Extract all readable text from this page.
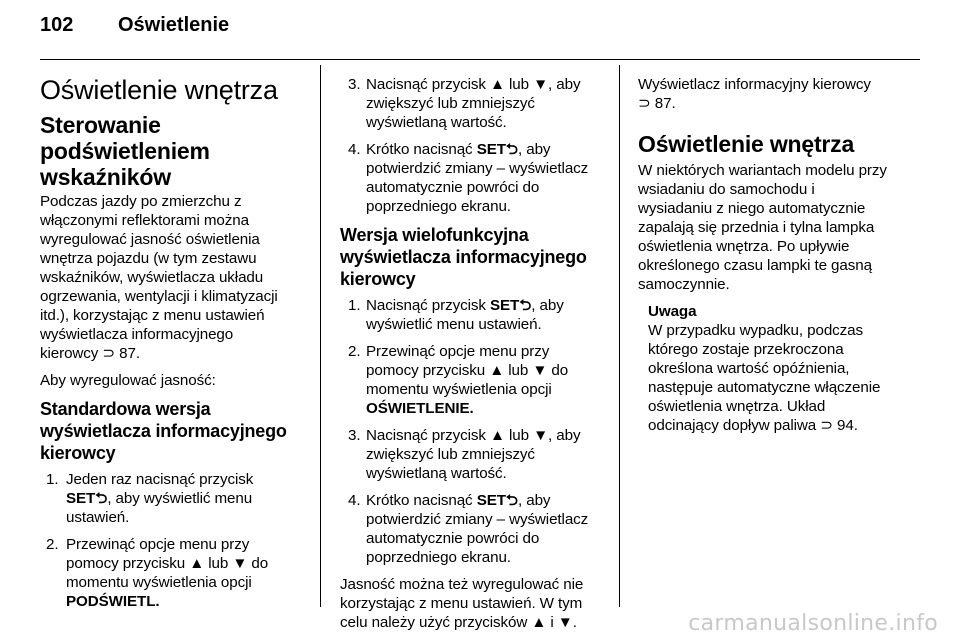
102 Oświetlenie
Oświetlenie wnętrza
Sterowanie
podświetleniem
wskaźników
Podczas jazdy po zmierzchu z
włączonymi reflektorami można
wyregulować jasność oświetlenia
wnętrza pojazdu (w tym zestawu
wskaźników, wyświetlacza układu
ogrzewania, wentylacji i klimatyzacji
itd.), korzystając z menu ustawień
wyświetlacza informacyjnego
kierowcy ⊃ 87.
Aby wyregulować jasność:
Standardowa wersja
wyświetlacza informacyjnego
kierowcy
1. Jeden raz nacisnąć przycisk
SET⮌, aby wyświetlić menu
ustawień.
2. Przewinąć opcje menu przy
pomocy przycisku ▲ lub ▼ do
momentu wyświetlenia opcji
PODŚWIETL.
3. Nacisnąć przycisk ▲ lub ▼, aby
zwiększyć lub zmniejszyć
wyświetlaną wartość.
4. Krótko nacisnąć SET⮌, aby
potwierdzić zmiany – wyświetlacz
automatycznie powróci do
poprzedniego ekranu.
Wersja wielofunkcyjna
wyświetlacza informacyjnego
kierowcy
1. Nacisnąć przycisk SET⮌, aby
wyświetlić menu ustawień.
2. Przewinąć opcje menu przy
pomocy przycisku ▲ lub ▼ do
momentu wyświetlenia opcji
OŚWIETLENIE.
3. Nacisnąć przycisk ▲ lub ▼, aby
zwiększyć lub zmniejszyć
wyświetlaną wartość.
4. Krótko nacisnąć SET⮌, aby
potwierdzić zmiany – wyświetlacz
automatycznie powróci do
poprzedniego ekranu.
Jasność można też wyregulować nie
korzystając z menu ustawień. W tym
celu należy użyć przycisków ▲ i ▼.
Wyświetlacz informacyjny kierowcy
⊃ 87.
Oświetlenie wnętrza
W niektórych wariantach modelu przy
wsiadaniu do samochodu i
wysiadaniu z niego automatycznie
zapalają się przednia i tylna lampka
oświetlenia wnętrza. Po upływie
określonego czasu lampki te gasną
samoczynnie.
Uwaga
W przypadku wypadku, podczas
którego zostaje przekroczona
określona wartość opóźnienia,
następuje automatyczne włączenie
oświetlenia wnętrza. Układ
odcinający dopływ paliwa ⊃ 94.
carmanualsonline.info
